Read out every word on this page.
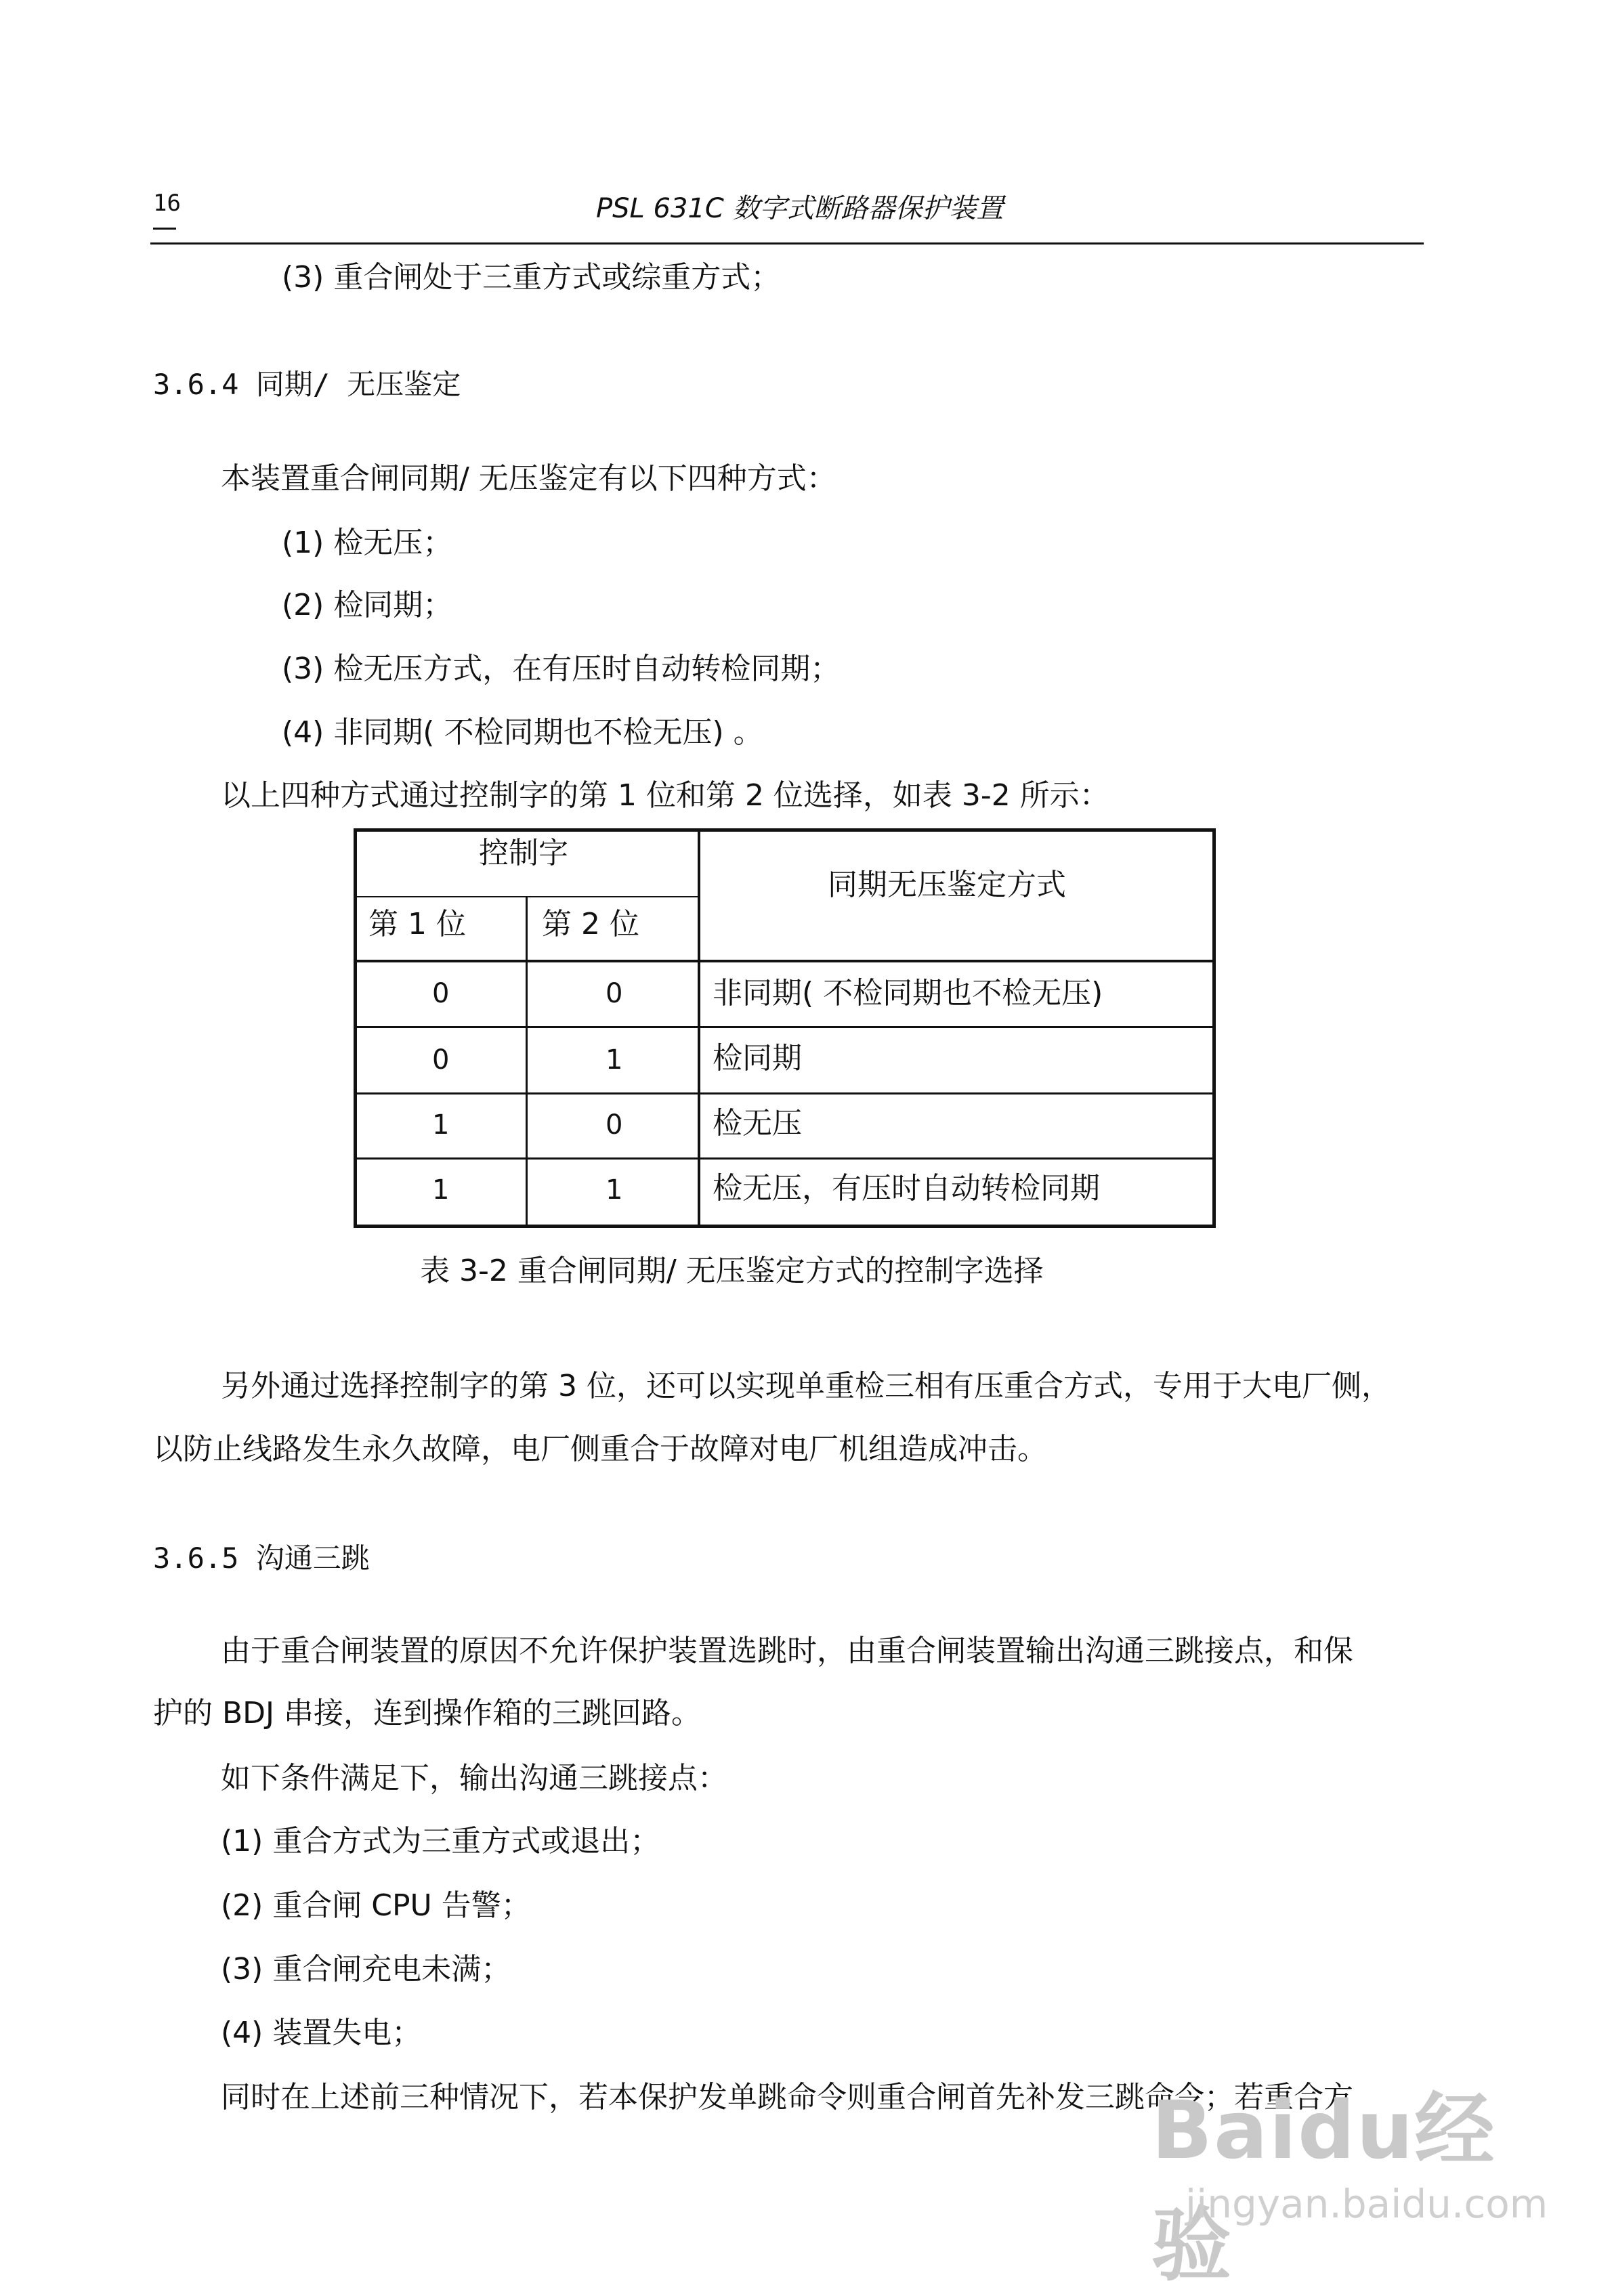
16	PSL 631C 数字式断路器保护装置
(3) 重合闸处于三重方式或综重方式；
3.6.4 同期/ 无压鉴定
本装置重合闸同期/ 无压鉴定有以下四种方式：
(1) 检无压；
(2) 检同期；
(3) 检无压方式，在有压时自动转检同期；
(4) 非同期( 不检同期也不检无压) 。
以上四种方式通过控制字的第 1 位和第 2 位选择，如表 3-2 所示：
控制字
第 1 位	第 2 位
同期无压鉴定方式
0	0	非同期( 不检同期也不检无压)
0	1	检同期
1	0	检无压
1	1	检无压，有压时自动转检同期
表 3-2 重合闸同期/ 无压鉴定方式的控制字选择
另外通过选择控制字的第 3 位，还可以实现单重检三相有压重合方式，专用于大电厂侧，
以防止线路发生永久故障，电厂侧重合于故障对电厂机组造成冲击。
3.6.5 沟通三跳
由于重合闸装置的原因不允许保护装置选跳时，由重合闸装置输出沟通三跳接点，和保
护的 BDJ 串接，连到操作箱的三跳回路。
如下条件满足下，输出沟通三跳接点：
(1) 重合方式为三重方式或退出；
(2) 重合闸 CPU 告警；
(3) 重合闸充电未满；
(4) 装置失电；
同时在上述前三种情况下，若本保护发单跳命令则重合闸首先补发三跳命令；若重合方
Baidu经验
jingyan.baidu.com
